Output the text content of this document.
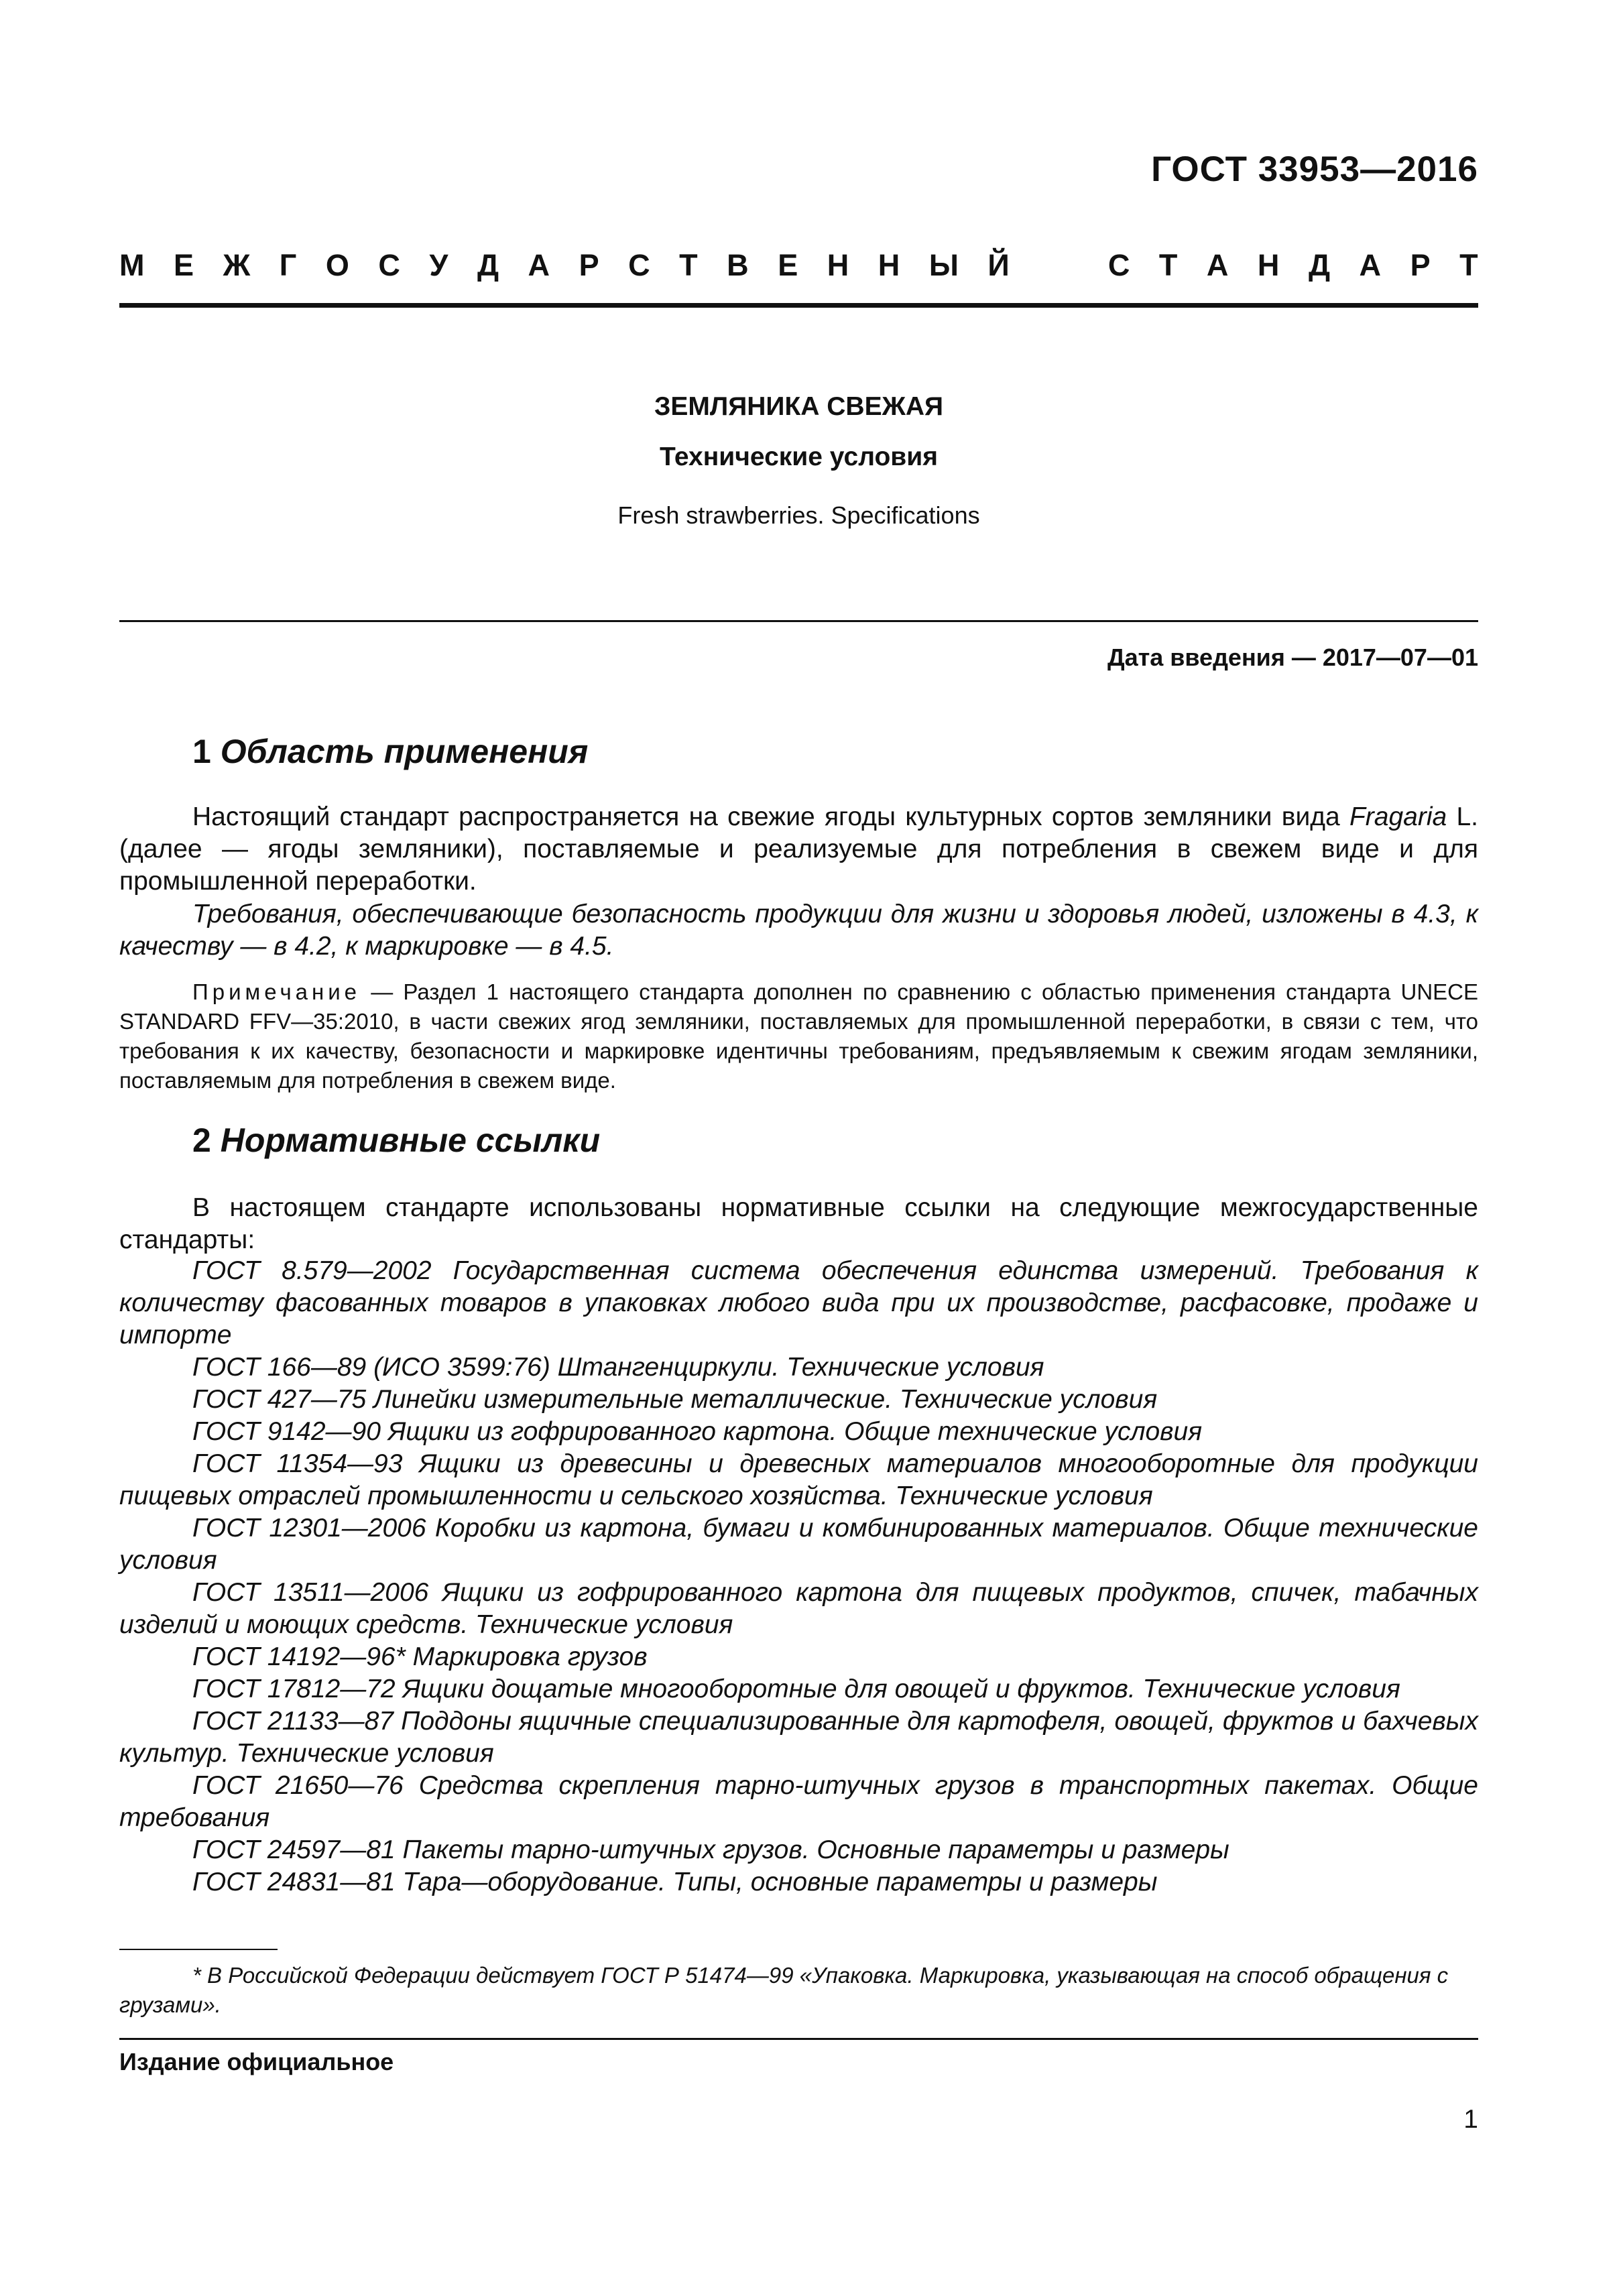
ГОСТ 33953—2016
М Е Ж Г О С У Д А Р С Т В Е Н Н Ы Й	С Т А Н Д А Р Т
ЗЕМЛЯНИКА СВЕЖАЯ
Технические условия
Fresh strawberries. Specifications
Дата введения — 2017—07—01
1 Область применения

Настоящий стандарт распространяется на свежие ягоды культурных сортов земляники вида Fragaria L. (далее — ягоды земляники), поставляемые и реализуемые для потребления в свежем виде и для промышленной переработки.

Требования, обеспечивающие безопасность продукции для жизни и здоровья людей, изложены в 4.3, к качеству — в 4.2, к маркировке — в 4.5.

Примечание — Раздел 1 настоящего стандарта дополнен по сравнению с областью применения стандарта UNECE STANDARD FFV—35:2010, в части свежих ягод земляники, поставляемых для промышленной переработки, в связи с тем, что требования к их качеству, безопасности и маркировке идентичны требованиям, предъявляемым к свежим ягодам земляники, поставляемым для потребления в свежем виде.

2 Нормативные ссылки

В настоящем стандарте использованы нормативные ссылки на следующие межгосударственные стандарты:

ГОСТ 8.579—2002 Государственная система обеспечения единства измерений. Требования к количеству фасованных товаров в упаковках любого вида при их производстве, расфасовке, продаже и импорте
ГОСТ 166—89 (ИСО 3599:76) Штангенциркули. Технические условия
ГОСТ 427—75 Линейки измерительные металлические. Технические условия
ГОСТ 9142—90 Ящики из гофрированного картона. Общие технические условия
ГОСТ 11354—93 Ящики из древесины и древесных материалов многооборотные для продукции пищевых отраслей промышленности и сельского хозяйства. Технические условия
ГОСТ 12301—2006 Коробки из картона, бумаги и комбинированных материалов. Общие технические условия
ГОСТ 13511—2006 Ящики из гофрированного картона для пищевых продуктов, спичек, табачных изделий и моющих средств. Технические условия
ГОСТ 14192—96* Маркировка грузов
ГОСТ 17812—72 Ящики дощатые многооборотные для овощей и фруктов. Технические условия
ГОСТ 21133—87 Поддоны ящичные специализированные для картофеля, овощей, фруктов и бахчевых культур. Технические условия
ГОСТ 21650—76 Средства скрепления тарно-штучных грузов в транспортных пакетах. Общие требования
ГОСТ 24597—81 Пакеты тарно-штучных грузов. Основные параметры и размеры
ГОСТ 24831—81 Тара—оборудование. Типы, основные параметры и размеры

* В Российской Федерации действует ГОСТ Р 51474—99 «Упаковка. Маркировка, указывающая на способ обращения с грузами».

Издание официальное
1
